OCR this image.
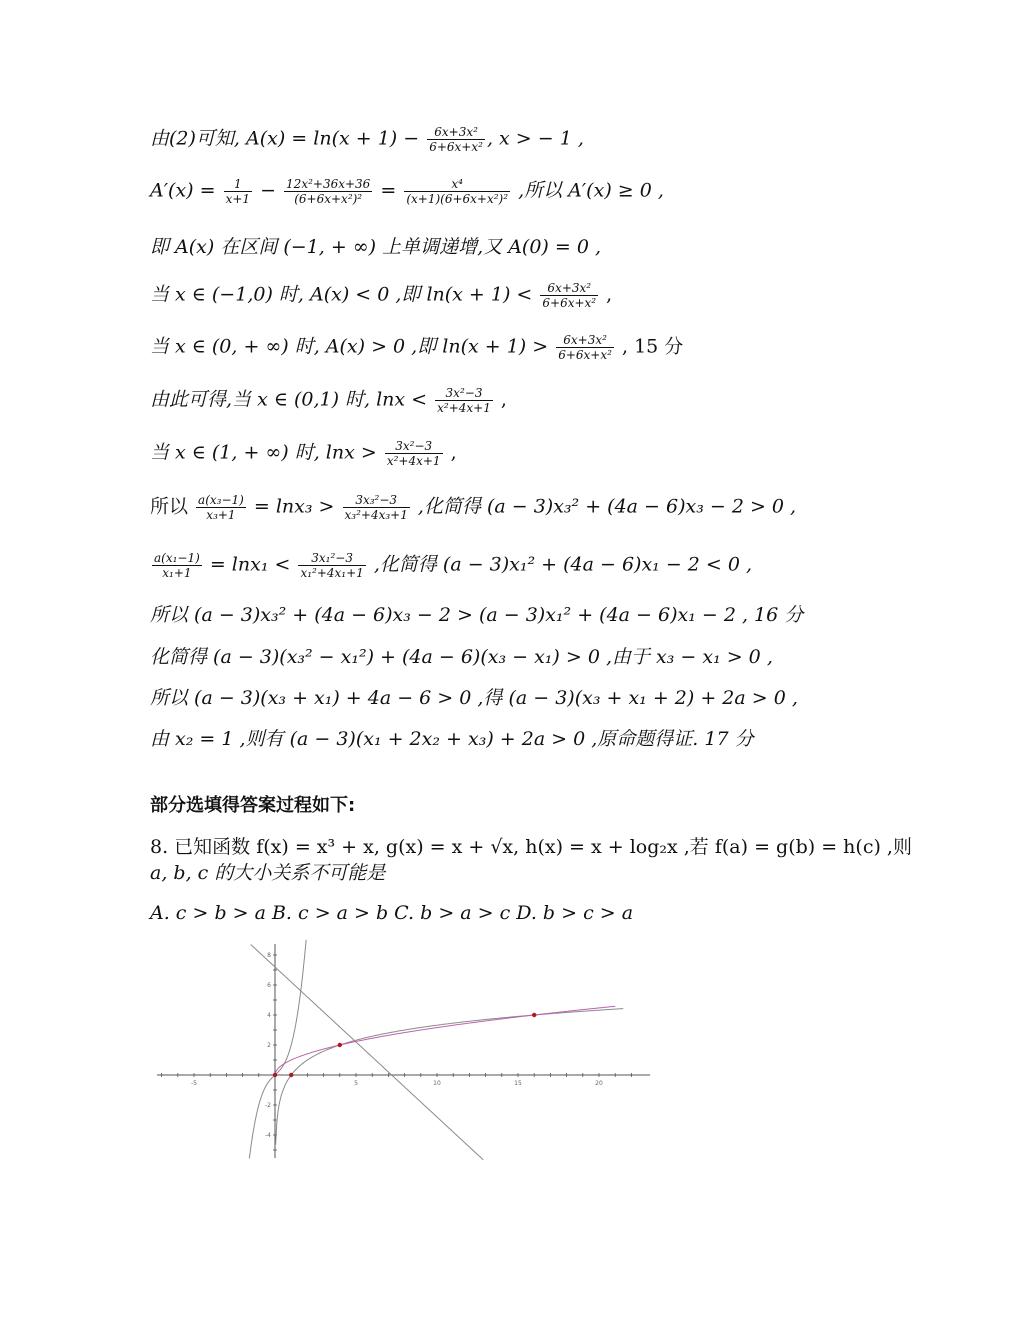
由(2)可知, $A(x) = \ln(x + 1) - \frac{\text{6x+3x²}}{\text{6+6x+x²}}$ , x > − 1 ,
$A'(x) = \frac{1}{x+1} - \frac{\text{12x²+36x+36}}{\text{(6+6x+x²)²}} = \frac{\text{x⁴}}{\text{(x+1)(6+6x+x²)²}}$ ,所以 A′(x) ≥ 0 ,
即 A(x) 在区间 (−1, + ∞) 上单调递增,又 A(0) = 0 ,
当 x ∈ (−1,0) 时, A(x) < 0 ,即 $\ln(x + 1) < \frac{\text{6x+3x²}}{\text{6+6x+x²}}$ ,
当 x ∈ (0, + ∞) 时, A(x) > 0 ,即 $\ln(x + 1) > \frac{\text{6x+3x²}}{\text{6+6x+x²}}$ , 15 分
由此可得,当 x ∈ (0,1) 时, $\ln x < \frac{\text{3x²−3}}{\text{x²+4x+1}}$ ,
当 x ∈ (1, + ∞) 时, $\ln x > \frac{\text{3x²−3}}{\text{x²+4x+1}}$ ,
所以 $\frac{\text{a(x₃−1)}}{\text{x₃+1}} = \ln x_3 > \frac{\text{3x₃²−3}}{\text{x₃²+4x₃+1}}$ ,化简得 (a − 3)x₃² + (4a − 6)x₃ − 2 > 0 ,
$\frac{\text{a(x₁−1)}}{\text{x₁+1}} = \ln x_1 < \frac{\text{3x₁²−3}}{\text{x₁²+4x₁+1}}$ ,化简得 (a − 3)x₁² + (4a − 6)x₁ − 2 < 0 ,
所以 (a − 3)x₃² + (4a − 6)x₃ − 2 > (a − 3)x₁² + (4a − 6)x₁ − 2 , 16 分
化简得 (a − 3)(x₃² − x₁²) + (4a − 6)(x₃ − x₁) > 0 ,由于 x₃ − x₁ > 0 ,
所以 (a − 3)(x₃ + x₁) + 4a − 6 > 0 ,得 (a − 3)(x₃ + x₁ + 2) + 2a > 0 ,
由 x₂ = 1 ,则有 (a − 3)(x₁ + 2x₂ + x₃) + 2a > 0 ,原命题得证. 17 分
部分选填得答案过程如下:
8. 已知函数 f(x) = x³ + x, g(x) = x + √x, h(x) = x + log₂x ,若 f(a) = g(b) = h(c) ,则
a, b, c 的大小关系不可能是
A. c > b > a B. c > a > b C. b > a > c D. b > c > a
-5	5	10	15	20
8
6
4
2
-2
-4
